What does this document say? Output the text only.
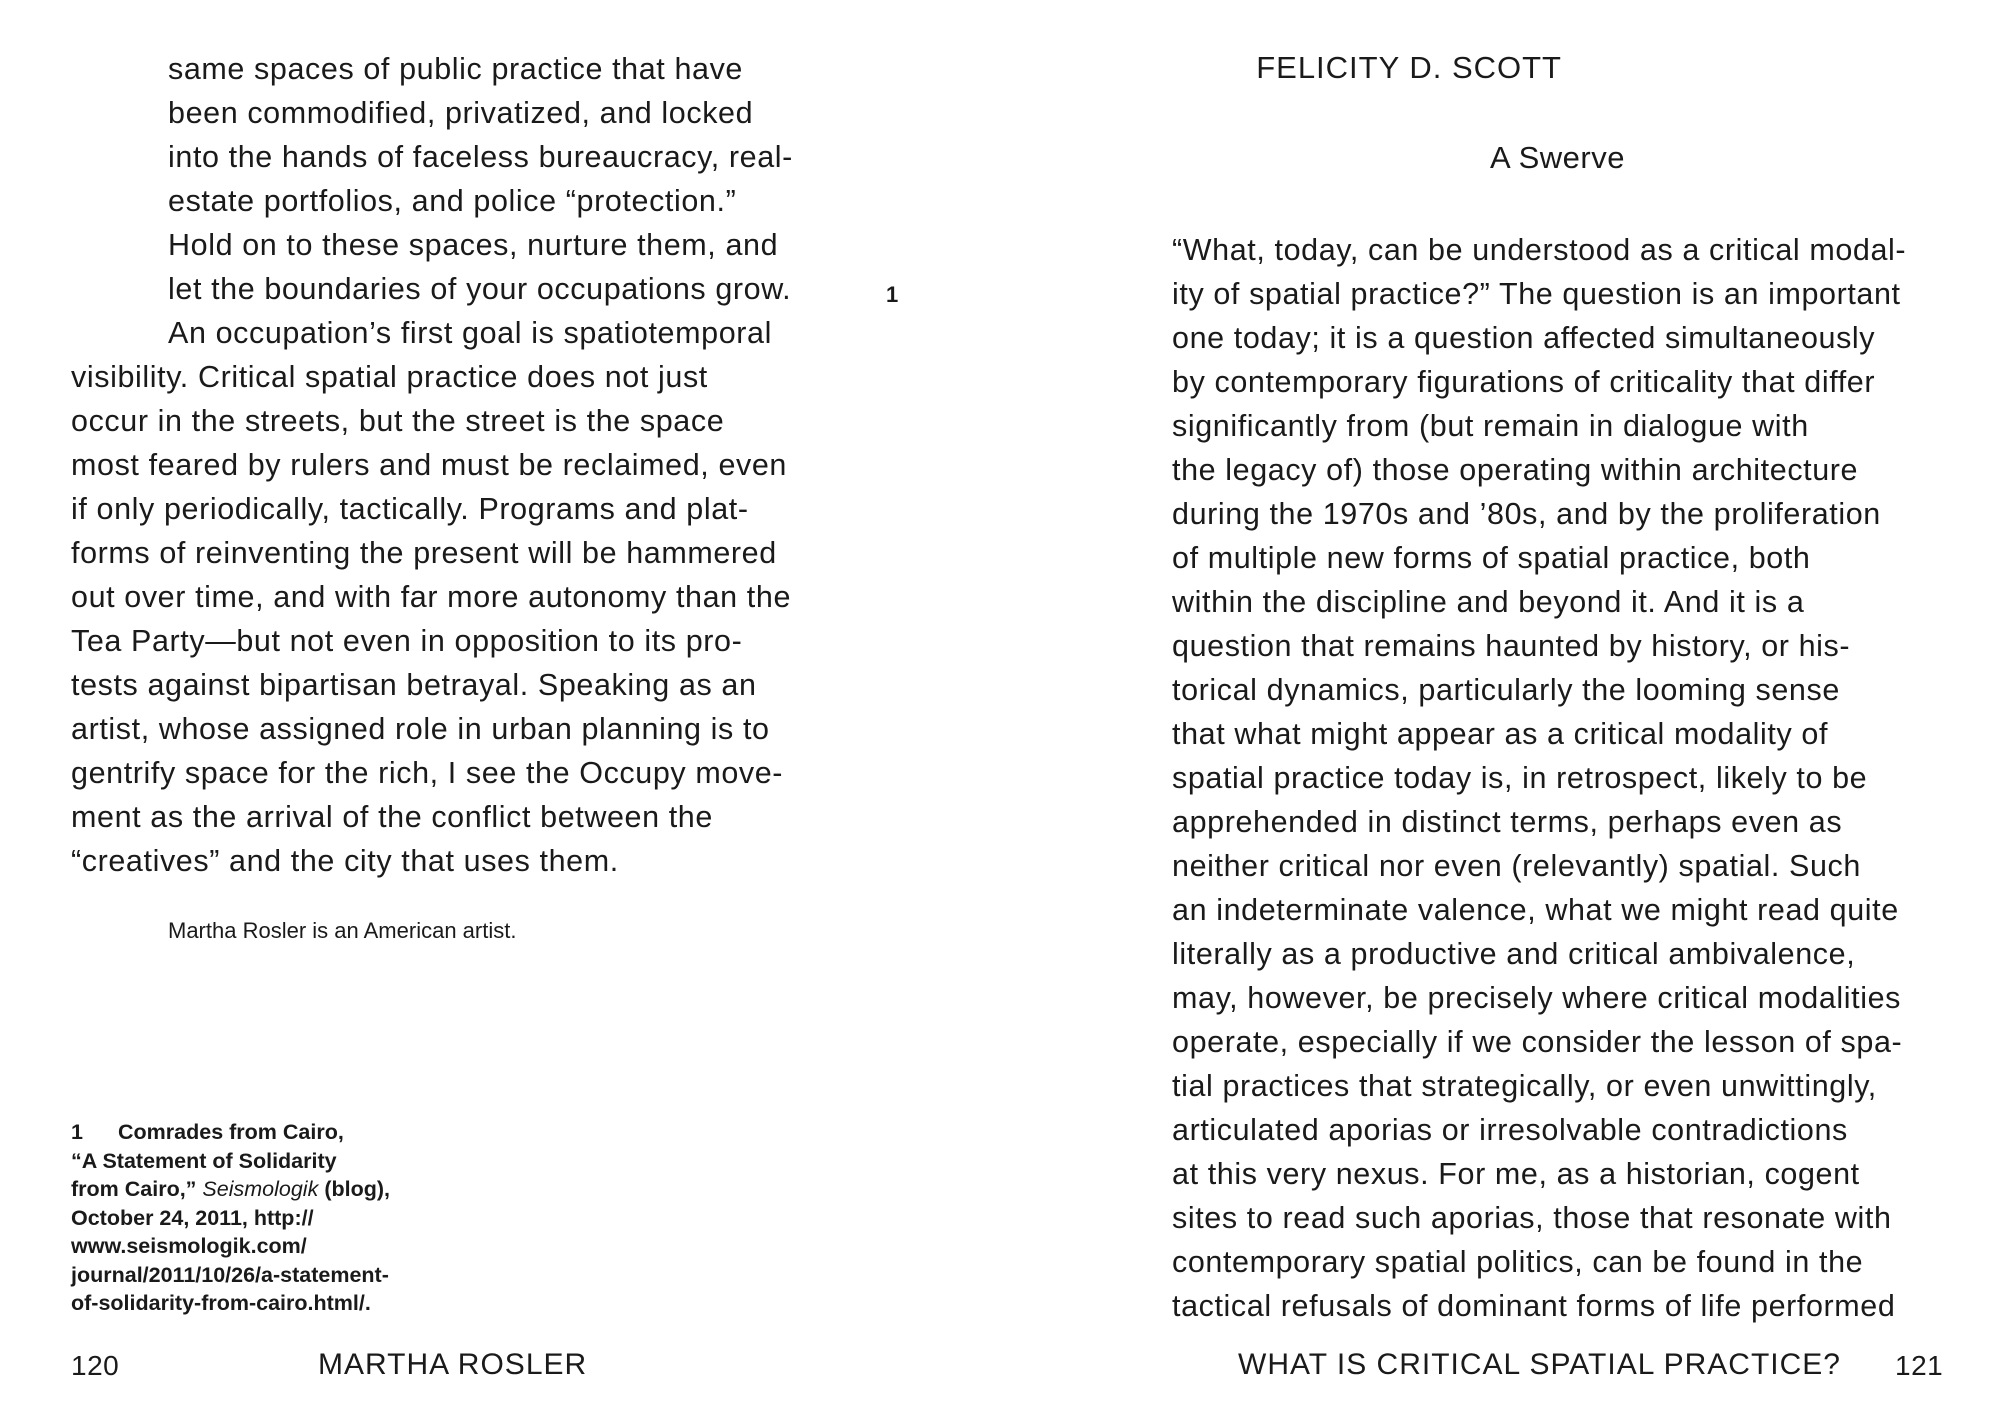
same spaces of public practice that have
been commodified, privatized, and locked
into the hands of faceless bureaucracy, real-
estate portfolios, and police “protection.”
Hold on to these spaces, nurture them, and
let the boundaries of your occupations grow.
An occupation’s first goal is spatiotemporal
visibility. Critical spatial practice does not just
occur in the streets, but the street is the space
most feared by rulers and must be reclaimed, even
if only periodically, tactically. Programs and plat-
forms of reinventing the present will be hammered
out over time, and with far more autonomy than the
Tea Party—but not even in opposition to its pro-
tests against bipartisan betrayal. Speaking as an
artist, whose assigned role in urban planning is to
gentrify space for the rich, I see the Occupy move-
ment as the arrival of the conflict between the
“creatives” and the city that uses them.
1
Martha Rosler is an American artist.
1 Comrades from Cairo,
“A Statement of Solidarity
from Cairo,” Seismologik (blog),
October 24, 2011, http://
www.seismologik.com/
journal/2011/10/26/a-statement-
of-solidarity-from-cairo.html/.
120	MARTHA ROSLER
FELICITY D. SCOTT
A Swerve
“What, today, can be understood as a critical modal-
ity of spatial practice?” The question is an important
one today; it is a question affected simultaneously
by contemporary figurations of criticality that differ
significantly from (but remain in dialogue with
the legacy of) those operating within architecture
during the 1970s and ’80s, and by the proliferation
of multiple new forms of spatial practice, both
within the discipline and beyond it. And it is a
question that remains haunted by history, or his-
torical dynamics, particularly the looming sense
that what might appear as a critical modality of
spatial practice today is, in retrospect, likely to be
apprehended in distinct terms, perhaps even as
neither critical nor even (relevantly) spatial. Such
an indeterminate valence, what we might read quite
literally as a productive and critical ambivalence,
may, however, be precisely where critical modalities
operate, especially if we consider the lesson of spa-
tial practices that strategically, or even unwittingly,
articulated aporias or irresolvable contradictions
at this very nexus. For me, as a historian, cogent
sites to read such aporias, those that resonate with
contemporary spatial politics, can be found in the
tactical refusals of dominant forms of life performed
WHAT IS CRITICAL SPATIAL PRACTICE? 121
